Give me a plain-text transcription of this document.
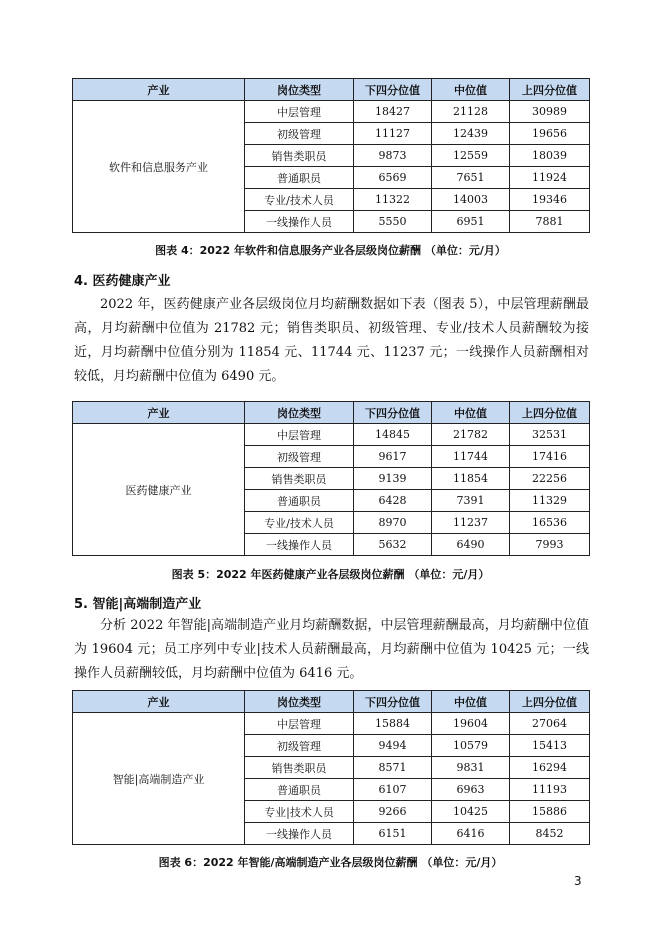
产业	岗位类型	下四分位值	中位值	上四分位值
软件和信息服务产业	中层管理	18427	21128	30989
	初级管理	11127	12439	19656
	销售类职员	9873	12559	18039
	普通职员	6569	7651	11924
	专业/技术人员	11322	14003	19346
	一线操作人员	5550	6951	7881
图表 4：2022 年软件和信息服务产业各层级岗位薪酬 （单位：元/月）
4. 医药健康产业

2022 年，医药健康产业各层级岗位月均薪酬数据如下表（图表 5），中层管理薪酬最高，月均薪酬中位值为 21782 元；销售类职员、初级管理、专业/技术人员薪酬较为接近，月均薪酬中位值分别为 11854 元、11744 元、11237 元；一线操作人员薪酬相对较低，月均薪酬中位值为 6490 元。

产业	岗位类型	下四分位值	中位值	上四分位值
医药健康产业	中层管理	14845	21782	32531
	初级管理	9617	11744	17416
	销售类职员	9139	11854	22256
	普通职员	6428	7391	11329
	专业/技术人员	8970	11237	16536
	一线操作人员	5632	6490	7993
图表 5：2022 年医药健康产业各层级岗位薪酬 （单位：元/月）
5. 智能|高端制造产业

分析 2022 年智能|高端制造产业月均薪酬数据，中层管理薪酬最高，月均薪酬中位值为 19604 元；员工序列中专业|技术人员薪酬最高，月均薪酬中位值为 10425 元；一线操作人员薪酬较低，月均薪酬中位值为 6416 元。

产业	岗位类型	下四分位值	中位值	上四分位值
智能|高端制造产业	中层管理	15884	19604	27064
	初级管理	9494	10579	15413
	销售类职员	8571	9831	16294
	普通职员	6107	6963	11193
	专业|技术人员	9266	10425	15886
	一线操作人员	6151	6416	8452
图表 6：2022 年智能/高端制造产业各层级岗位薪酬 （单位：元/月）
3
